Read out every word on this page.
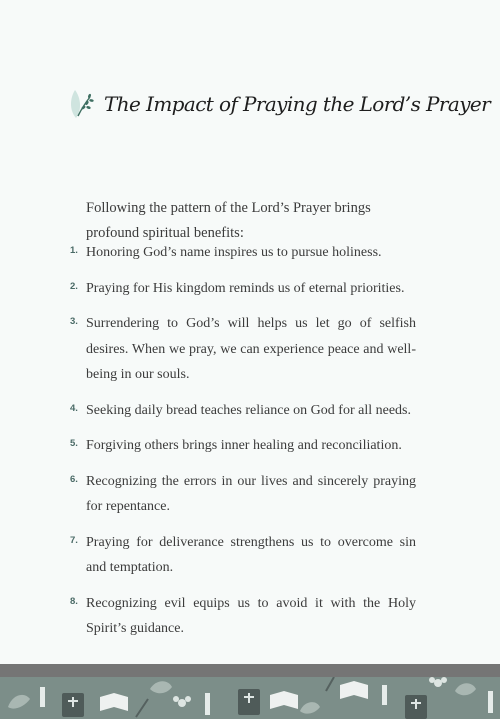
The Impact of Praying the Lord’s Prayer

Following the pattern of the Lord’s Prayer brings profound spiritual benefits:

1. Honoring God’s name inspires us to pursue holiness.
2. Praying for His kingdom reminds us of eternal priorities.
3. Surrendering to God’s will helps us let go of selfish desires. When we pray, we can experience peace and well-being in our souls.
4. Seeking daily bread teaches reliance on God for all needs.
5. Forgiving others brings inner healing and reconciliation.
6. Recognizing the errors in our lives and sincerely praying for repentance.
7. Praying for deliverance strengthens us to overcome sin and temptation.
8. Recognizing evil equips us to avoid it with the Holy Spirit’s guidance.
